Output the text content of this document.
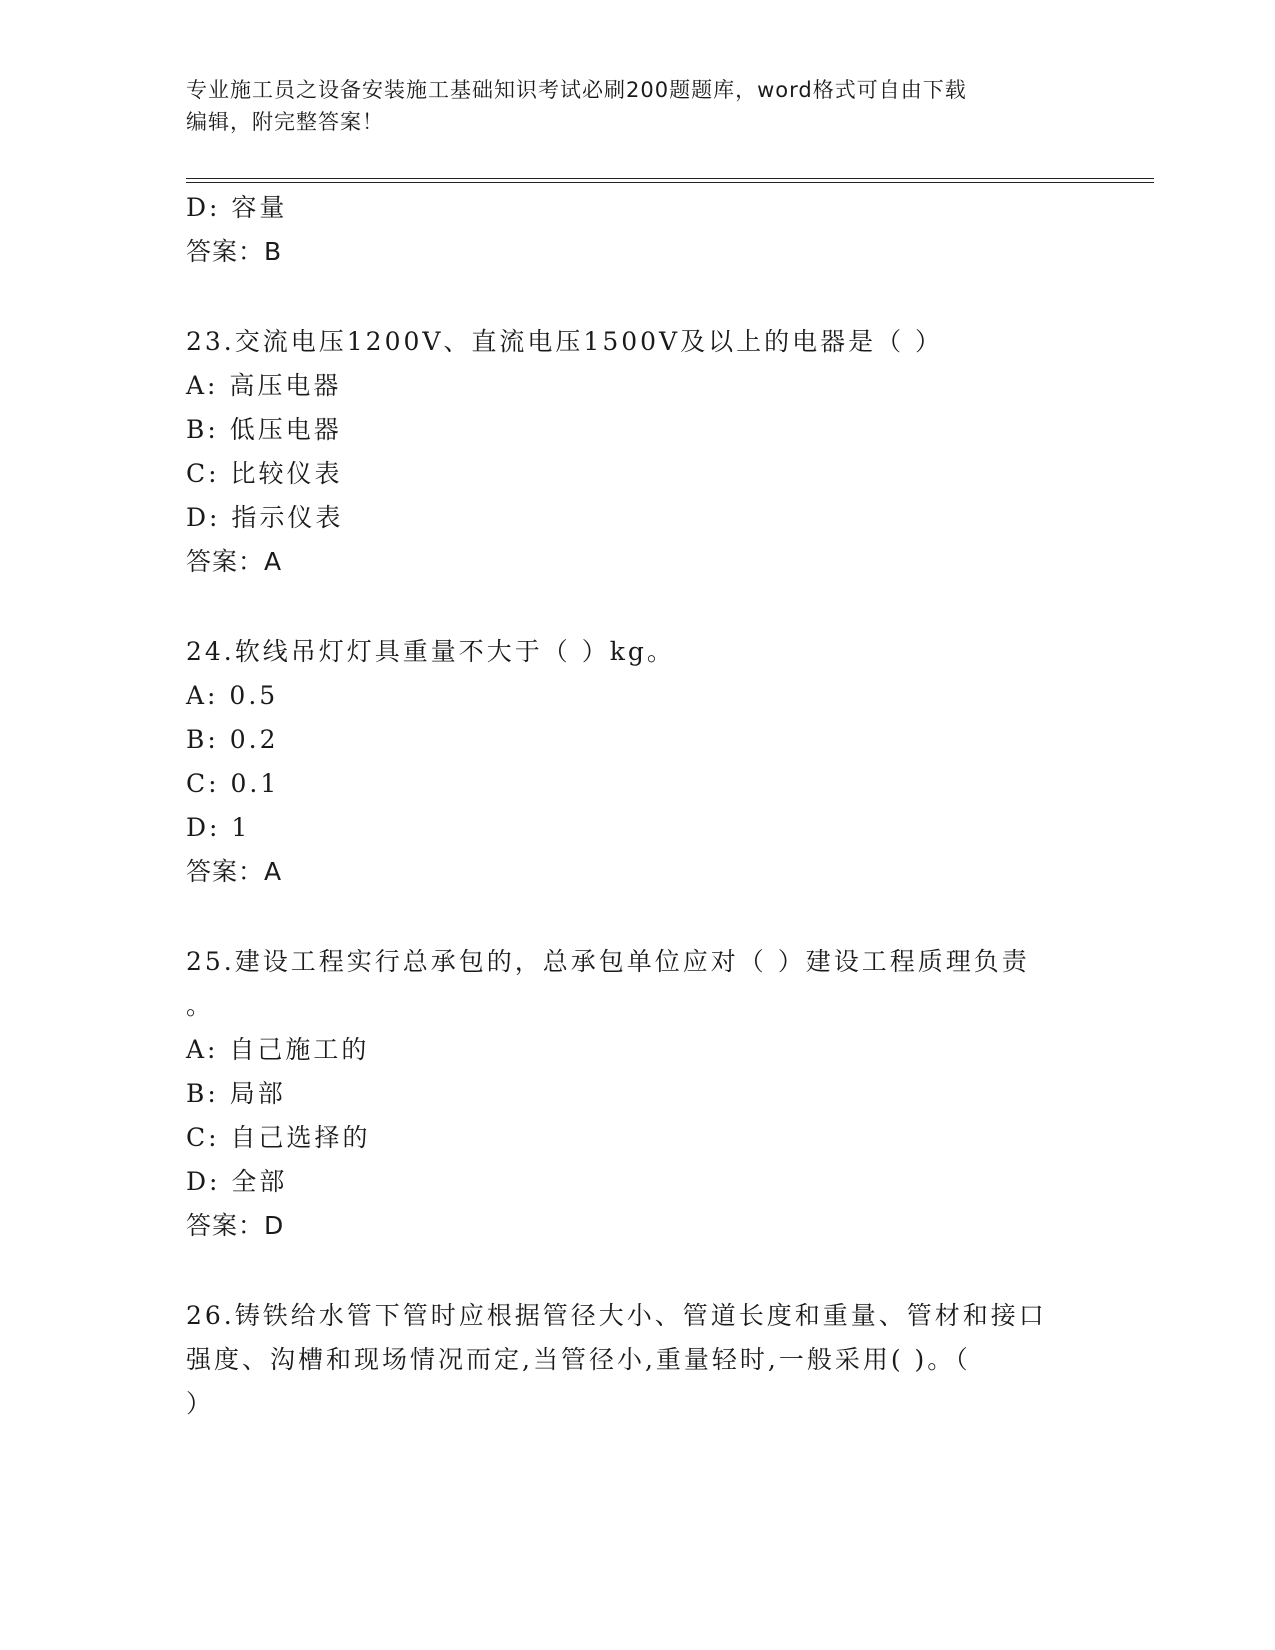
专业施工员之设备安装施工基础知识考试必刷200题题库，word格式可自由下载
编辑，附完整答案！
D: 容量
答案：B
23.交流电压1200V、直流电压1500V及以上的电器是（ ）
A: 高压电器
B: 低压电器
C: 比较仪表
D: 指示仪表
答案：A
24.软线吊灯灯具重量不大于（ ）kg。
A: 0.5
B: 0.2
C: 0.1
D: 1
答案：A
25.建设工程实行总承包的，总承包单位应对（ ）建设工程质理负责
。
A: 自己施工的
B: 局部
C: 自己选择的
D: 全部
答案：D
26.铸铁给水管下管时应根据管径大小、管道长度和重量、管材和接口
强度、沟槽和现场情况而定,当管径小,重量轻时,一般采用( )。（
）
